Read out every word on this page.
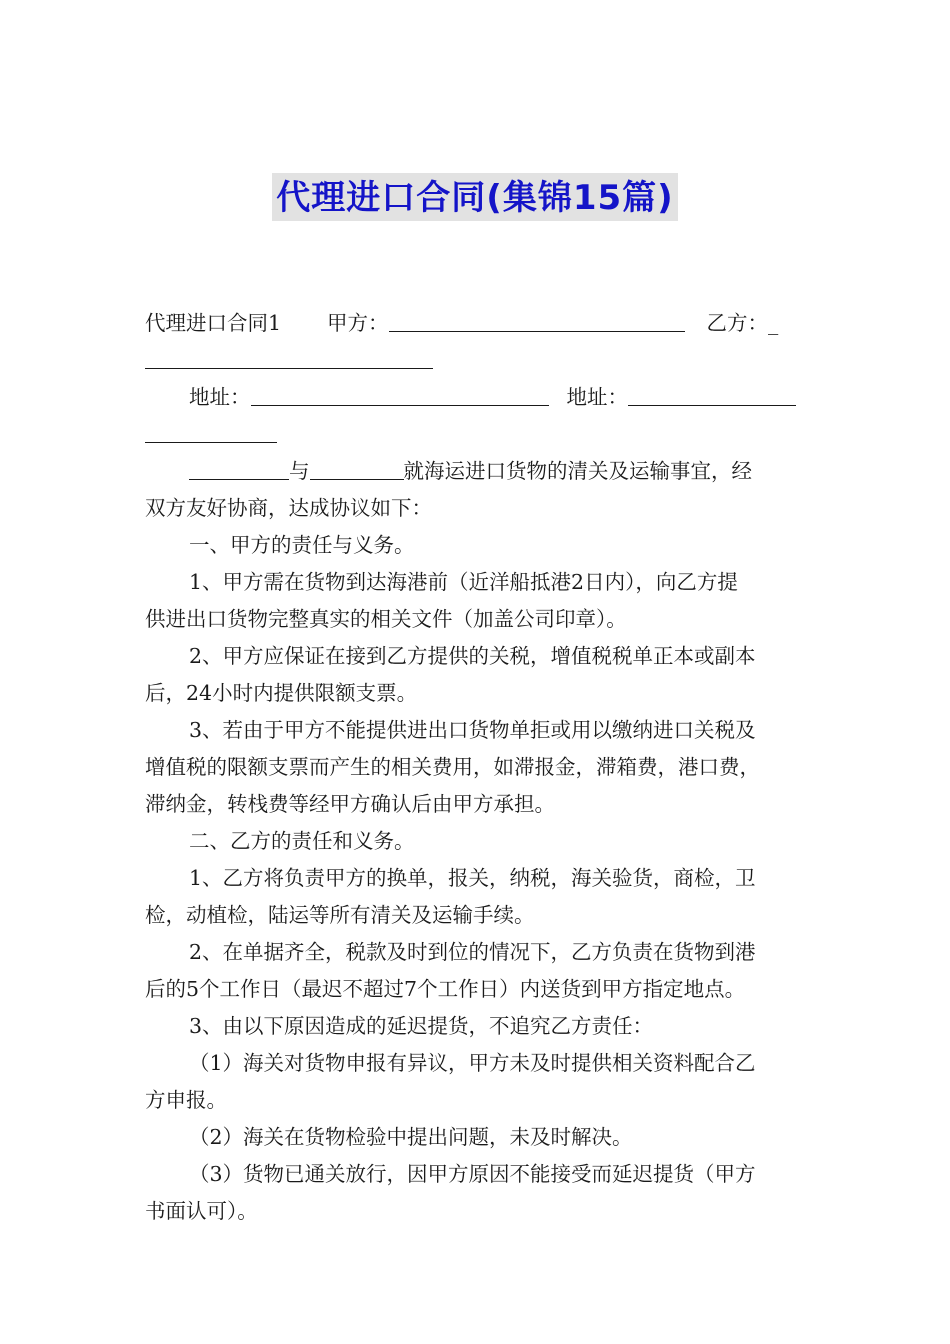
代理进口合同(集锦15篇)
代理进口合同1 甲方：	乙方：_
地址：	地址：
与	就海运进口货物的清关及运输事宜，经
双方友好协商，达成协议如下：
一、甲方的责任与义务。
1、甲方需在货物到达海港前（近洋船抵港2日内），向乙方提
供进出口货物完整真实的相关文件（加盖公司印章）。
2、甲方应保证在接到乙方提供的关税，增值税税单正本或副本
后，24小时内提供限额支票。
3、若由于甲方不能提供进出口货物单拒或用以缴纳进口关税及
增值税的限额支票而产生的相关费用，如滞报金，滞箱费，港口费，
滞纳金，转栈费等经甲方确认后由甲方承担。
二、乙方的责任和义务。
1、乙方将负责甲方的换单，报关，纳税，海关验货，商检，卫
检，动植检，陆运等所有清关及运输手续。
2、在单据齐全，税款及时到位的情况下，乙方负责在货物到港
后的5个工作日（最迟不超过7个工作日）内送货到甲方指定地点。
3、由以下原因造成的延迟提货，不追究乙方责任：
（1）海关对货物申报有异议，甲方未及时提供相关资料配合乙
方申报。
（2）海关在货物检验中提出问题，未及时解决。
（3）货物已通关放行，因甲方原因不能接受而延迟提货（甲方
书面认可）。
